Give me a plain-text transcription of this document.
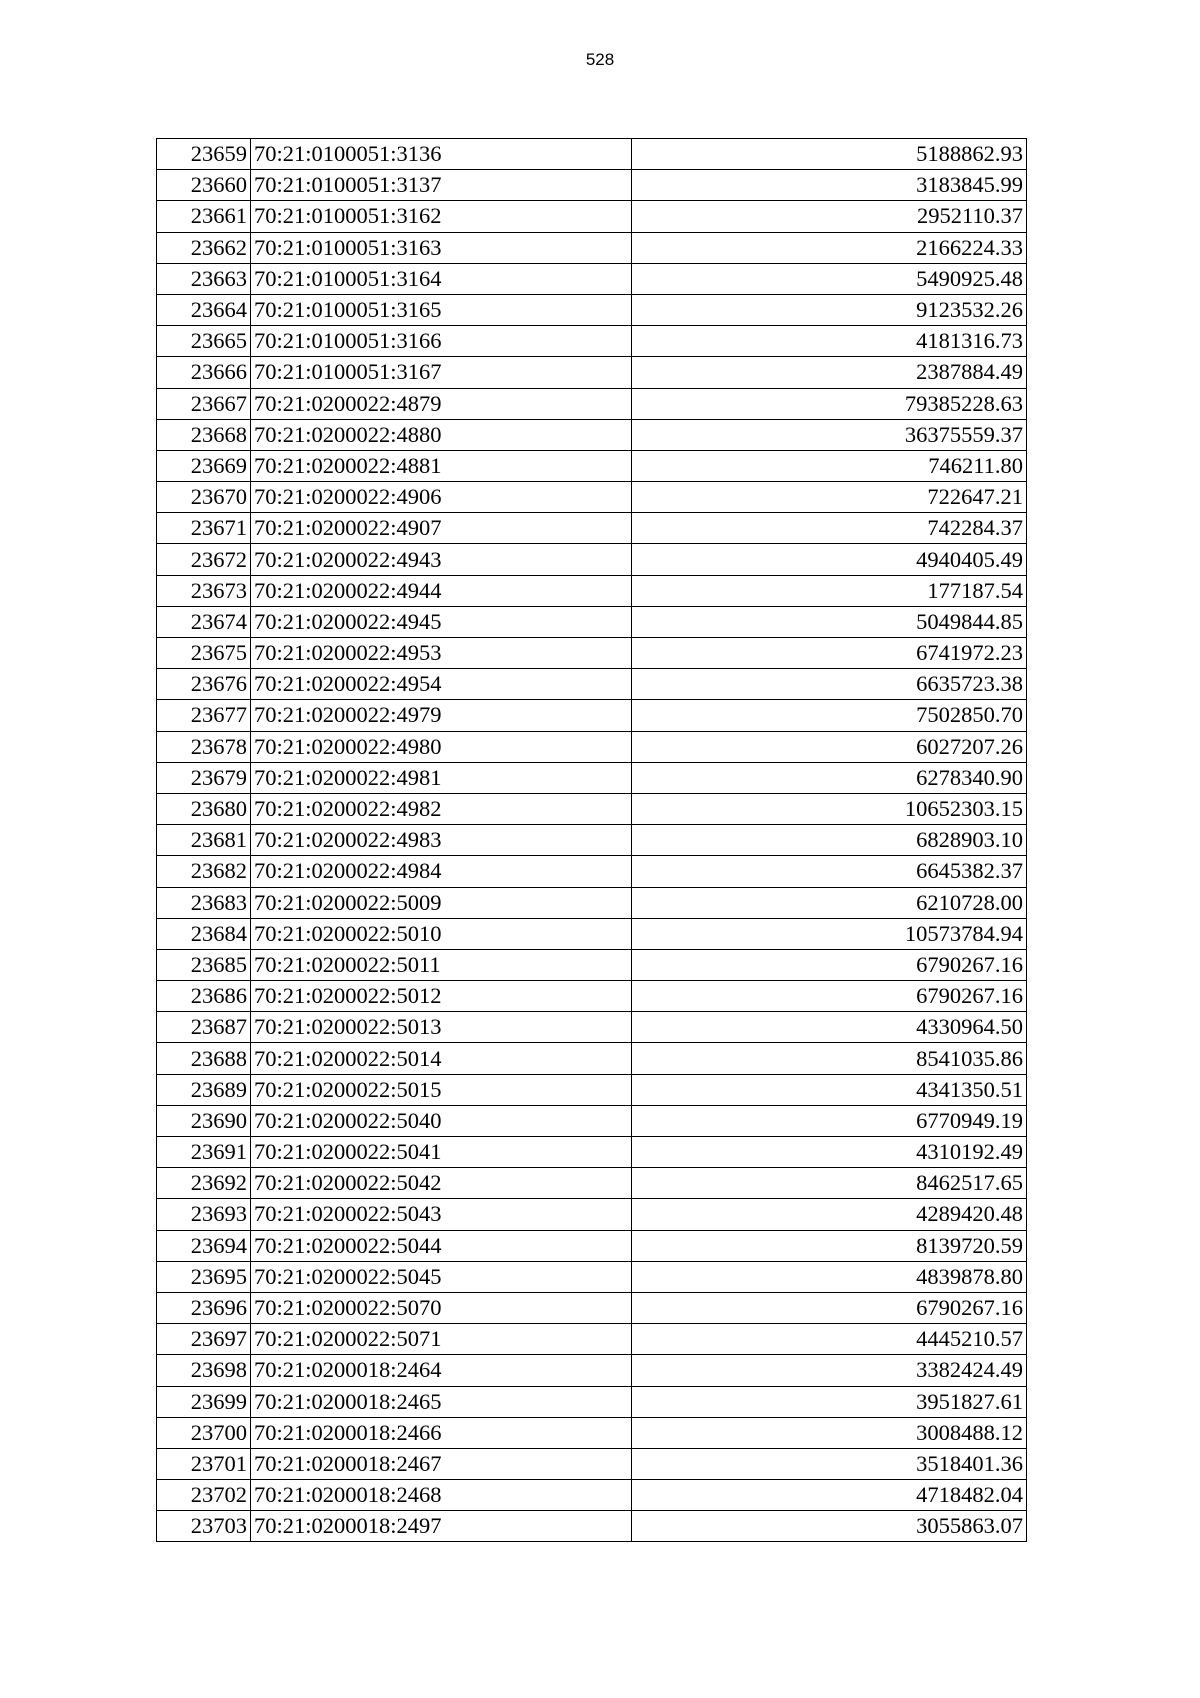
528
23659	70:21:0100051:3136	5188862.93
23660	70:21:0100051:3137	3183845.99
23661	70:21:0100051:3162	2952110.37
23662	70:21:0100051:3163	2166224.33
23663	70:21:0100051:3164	5490925.48
23664	70:21:0100051:3165	9123532.26
23665	70:21:0100051:3166	4181316.73
23666	70:21:0100051:3167	2387884.49
23667	70:21:0200022:4879	79385228.63
23668	70:21:0200022:4880	36375559.37
23669	70:21:0200022:4881	746211.80
23670	70:21:0200022:4906	722647.21
23671	70:21:0200022:4907	742284.37
23672	70:21:0200022:4943	4940405.49
23673	70:21:0200022:4944	177187.54
23674	70:21:0200022:4945	5049844.85
23675	70:21:0200022:4953	6741972.23
23676	70:21:0200022:4954	6635723.38
23677	70:21:0200022:4979	7502850.70
23678	70:21:0200022:4980	6027207.26
23679	70:21:0200022:4981	6278340.90
23680	70:21:0200022:4982	10652303.15
23681	70:21:0200022:4983	6828903.10
23682	70:21:0200022:4984	6645382.37
23683	70:21:0200022:5009	6210728.00
23684	70:21:0200022:5010	10573784.94
23685	70:21:0200022:5011	6790267.16
23686	70:21:0200022:5012	6790267.16
23687	70:21:0200022:5013	4330964.50
23688	70:21:0200022:5014	8541035.86
23689	70:21:0200022:5015	4341350.51
23690	70:21:0200022:5040	6770949.19
23691	70:21:0200022:5041	4310192.49
23692	70:21:0200022:5042	8462517.65
23693	70:21:0200022:5043	4289420.48
23694	70:21:0200022:5044	8139720.59
23695	70:21:0200022:5045	4839878.80
23696	70:21:0200022:5070	6790267.16
23697	70:21:0200022:5071	4445210.57
23698	70:21:0200018:2464	3382424.49
23699	70:21:0200018:2465	3951827.61
23700	70:21:0200018:2466	3008488.12
23701	70:21:0200018:2467	3518401.36
23702	70:21:0200018:2468	4718482.04
23703	70:21:0200018:2497	3055863.07
